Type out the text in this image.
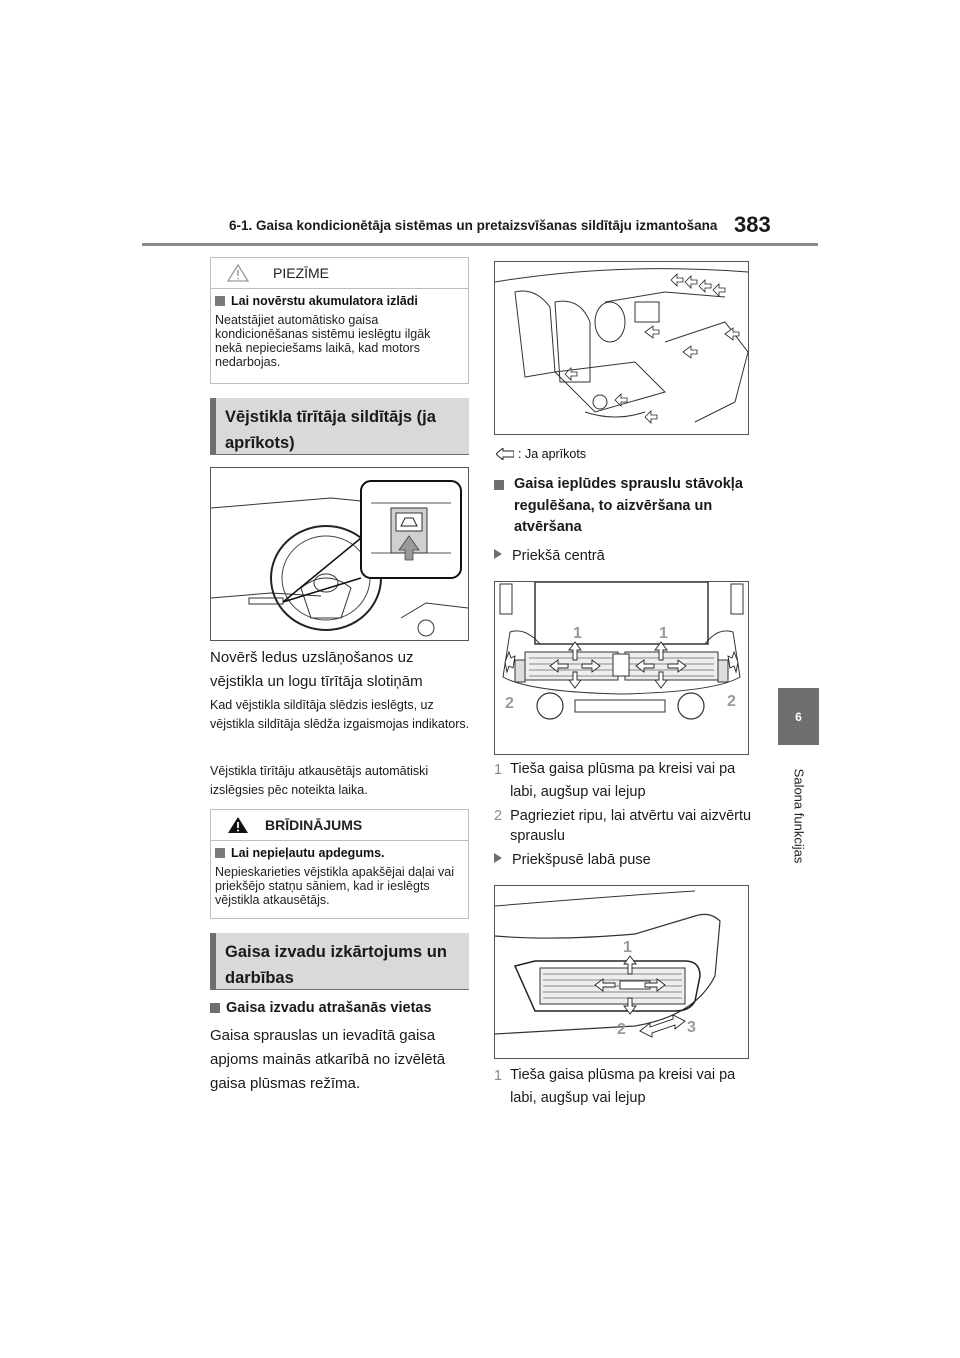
6-1. Gaisa kondicionētāja sistēmas un pretaizsvīšanas sildītāju izmantošana 383
6
Salona funkcijas
PIEZĪME
Lai novērstu akumulatora izlādi
Neatstājiet automātisko gaisa kondicionēšanas sistēmu ieslēgtu ilgāk nekā nepieciešams laikā, kad motors nedarbojas.
Vējstikla tīrītāja sildītājs (ja aprīkots)
Novērš ledus uzslāņošanos uz vējstikla un logu tīrītāja slotiņām
Kad vējstikla sildītāja slēdzis ieslēgts, uz vējstikla sildītāja slēdža izgaismojas indikators.
Vējstikla tīrītāju atkausētājs automātiski izslēgsies pēc noteikta laika.
BRĪDINĀJUMS
Lai nepieļautu apdegums.
Nepieskarieties vējstikla apakšējai daļai vai priekšējo statņu sāniem, kad ir ieslēgts vējstikla atkausētājs.
Gaisa izvadu izkārtojums un darbības
Gaisa izvadu atrašanās vietas
Gaisa sprauslas un ievadītā gaisa apjoms mainās atkarībā no izvēlētā gaisa plūsmas režīma.
: Ja aprīkots
Gaisa ieplūdes sprauslu stāvokļa regulēšana, to aizvēršana un atvēršana
Priekšā centrā
1	1
2	2
1 Tieša gaisa plūsma pa kreisi vai pa labi, augšup vai lejup
2 Pagrieziet ripu, lai atvērtu vai aizvērtu sprauslu
Priekšpusē labā puse
1
2	3
1 Tieša gaisa plūsma pa kreisi vai pa labi, augšup vai lejup
